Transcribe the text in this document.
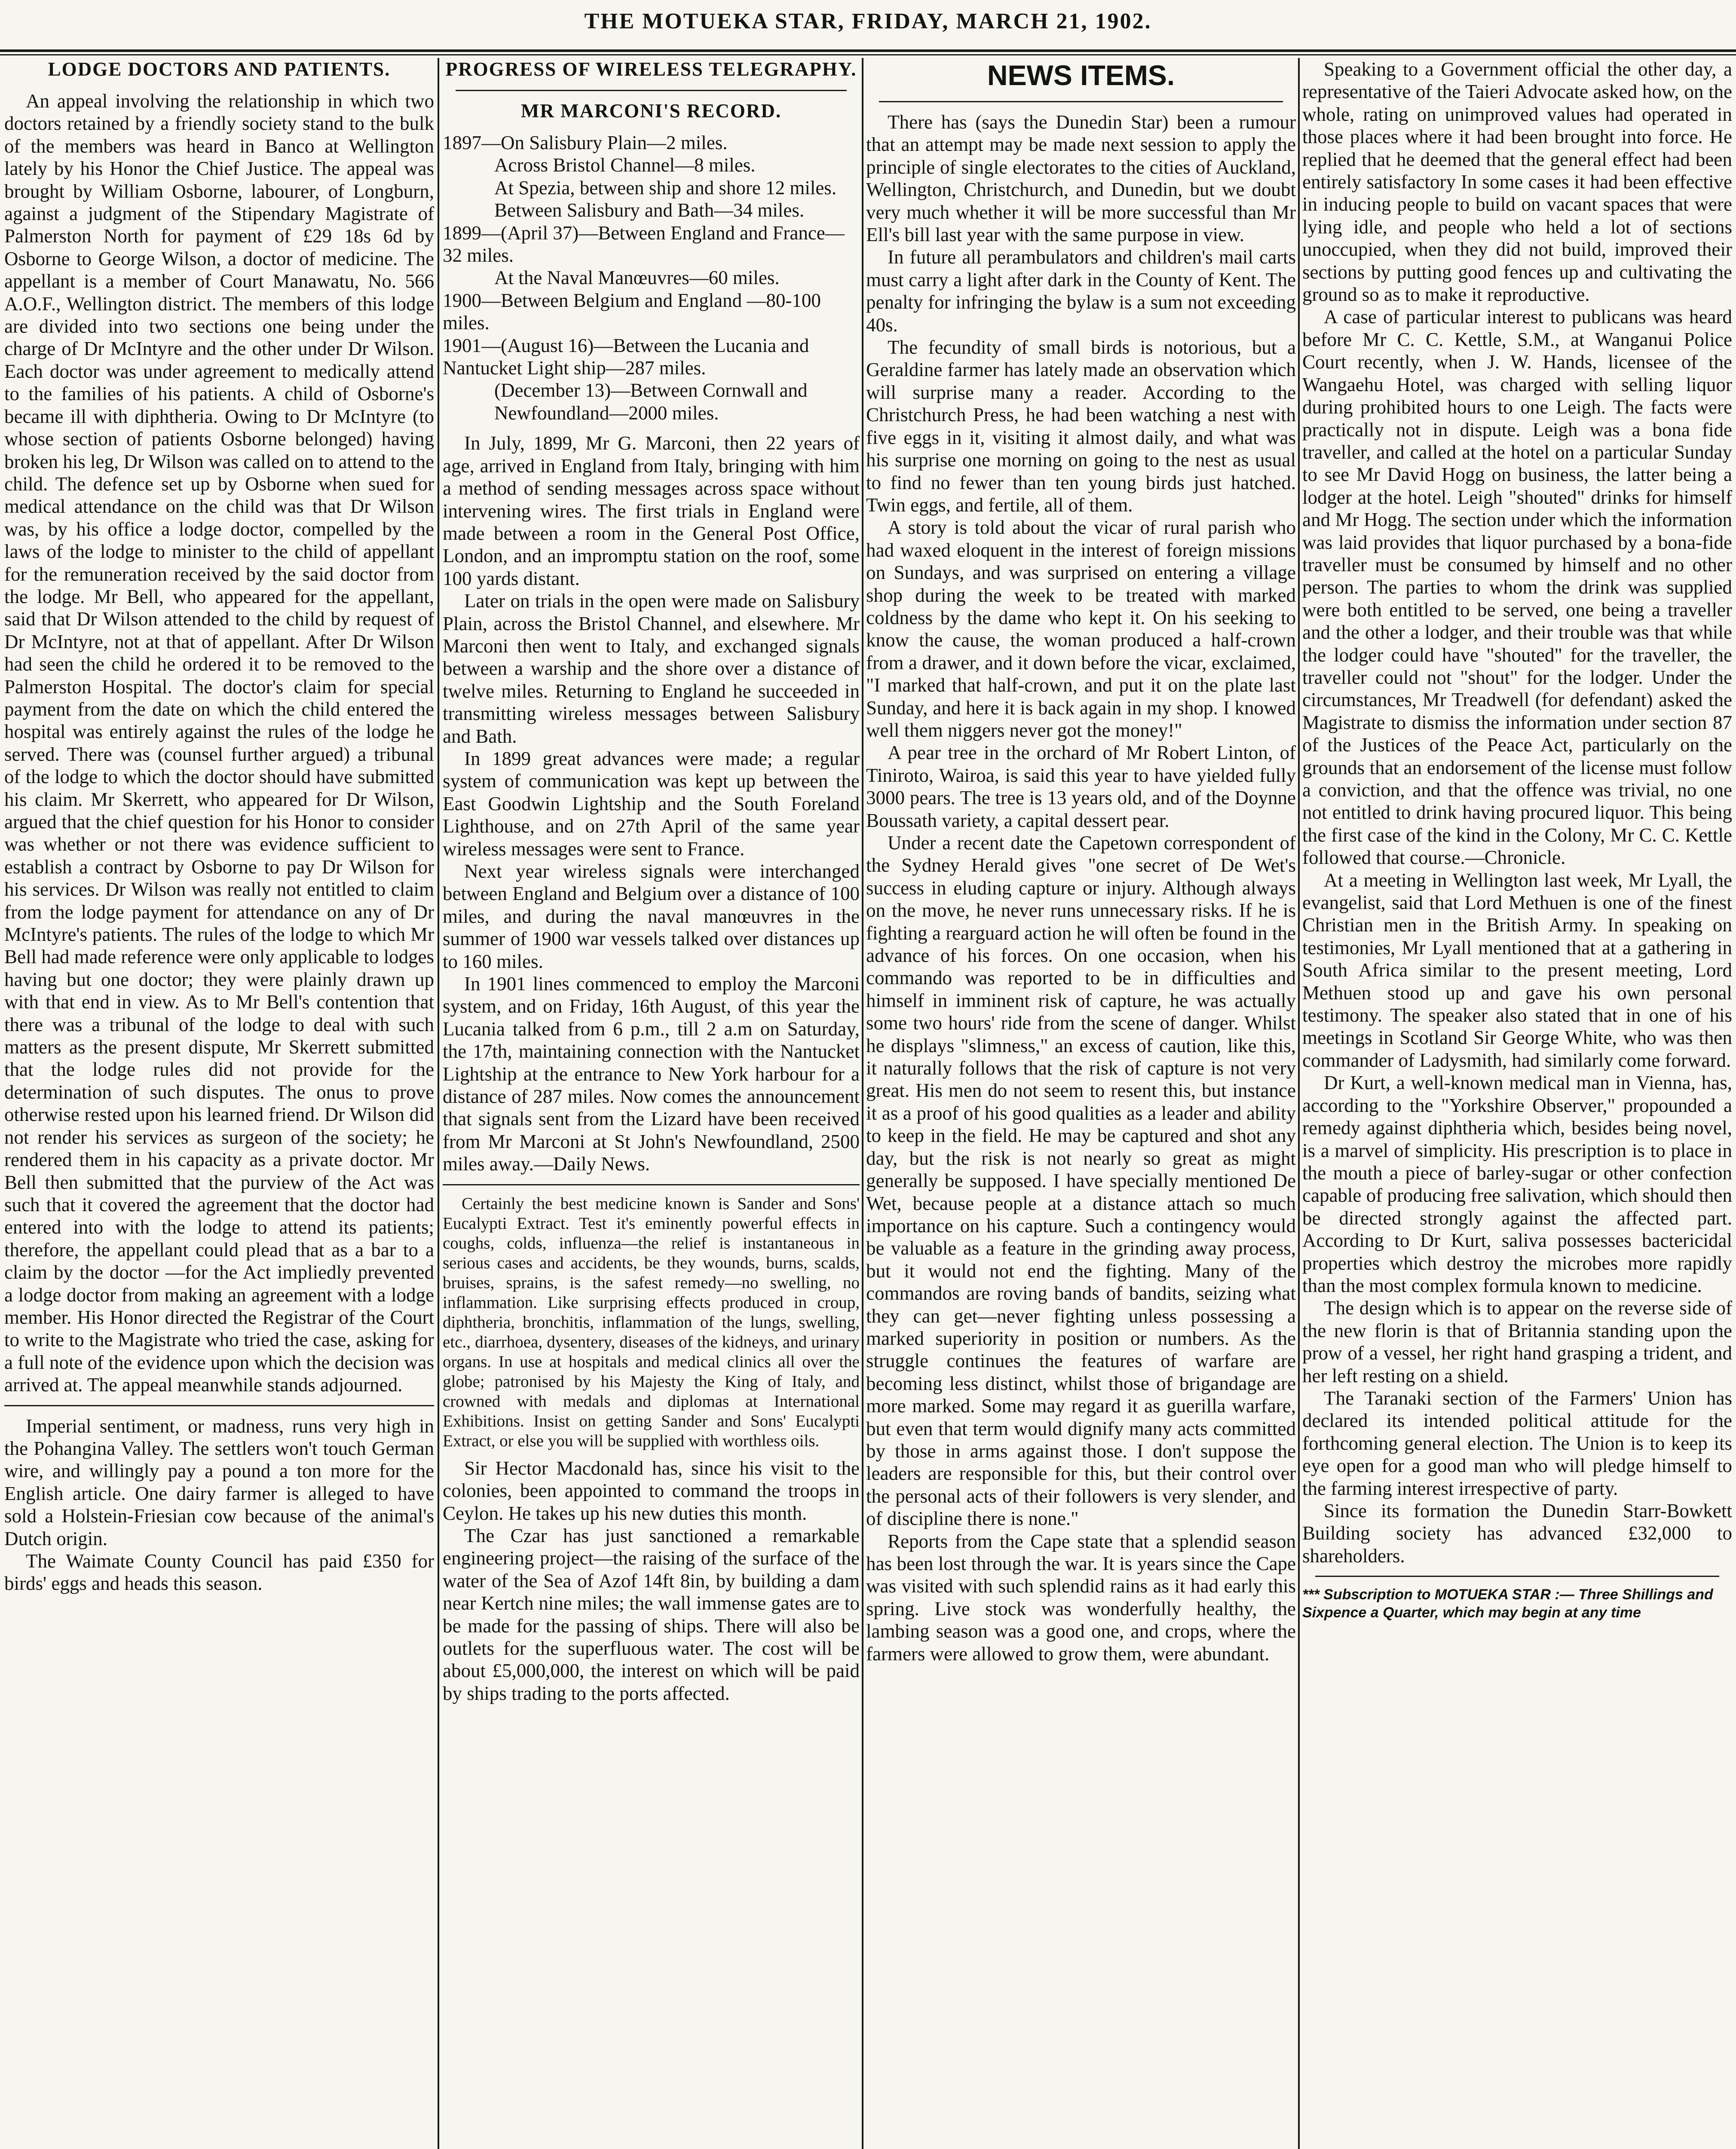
THE MOTUEKA STAR, FRIDAY, MARCH 21, 1902.
LODGE DOCTORS AND PATIENTS.

An appeal involving the relationship in which two doctors retained by a friendly society stand to the bulk of the members was heard in Banco at Wellington lately by his Honor the Chief Justice. The appeal was brought by William Osborne, labourer, of Longburn, against a judgment of the Stipendary Magistrate of Palmerston North for payment of £29 18s 6d by Osborne to George Wilson, a doctor of medicine. The appellant is a member of Court Manawatu, No. 566 A.O.F., Wellington district. The members of this lodge are divided into two sections one being under the charge of Dr McIntyre and the other under Dr Wilson. Each doctor was under agreement to medically attend to the families of his patients. A child of Osborne's became ill with diphtheria. Owing to Dr McIntyre (to whose section of patients Osborne belonged) having broken his leg, Dr Wilson was called on to attend to the child. The defence set up by Osborne when sued for medical attendance on the child was that Dr Wilson was, by his office a lodge doctor, compelled by the laws of the lodge to minister to the child of appellant for the remuneration received by the said doctor from the lodge. Mr Bell, who appeared for the appellant, said that Dr Wilson attended to the child by request of Dr McIntyre, not at that of appellant. After Dr Wilson had seen the child he ordered it to be removed to the Palmerston Hospital. The doctor's claim for special payment from the date on which the child entered the hospital was entirely against the rules of the lodge he served. There was (counsel further argued) a tribunal of the lodge to which the doctor should have submitted his claim. Mr Skerrett, who appeared for Dr Wilson, argued that the chief question for his Honor to consider was whether or not there was evidence sufficient to establish a contract by Osborne to pay Dr Wilson for his services. Dr Wilson was really not entitled to claim from the lodge payment for attendance on any of Dr McIntyre's patients. The rules of the lodge to which Mr Bell had made reference were only applicable to lodges having but one doctor; they were plainly drawn up with that end in view. As to Mr Bell's contention that there was a tribunal of the lodge to deal with such matters as the present dispute, Mr Skerrett submitted that the lodge rules did not provide for the determination of such disputes. The onus to prove otherwise rested upon his learned friend. Dr Wilson did not render his services as surgeon of the society; he rendered them in his capacity as a private doctor. Mr Bell then submitted that the purview of the Act was such that it covered the agreement that the doctor had entered into with the lodge to attend its patients; therefore, the appellant could plead that as a bar to a claim by the doctor —for the Act impliedly prevented a lodge doctor from making an agreement with a lodge member. His Honor directed the Registrar of the Court to write to the Magistrate who tried the case, asking for a full note of the evidence upon which the decision was arrived at. The appeal meanwhile stands adjourned.

Imperial sentiment, or madness, runs very high in the Pohangina Valley. The settlers won't touch German wire, and willingly pay a pound a ton more for the English article. One dairy farmer is alleged to have sold a Holstein-Friesian cow because of the animal's Dutch origin.

The Waimate County Council has paid £350 for birds' eggs and heads this season.

PROGRESS OF WIRELESS TELEGRAPHY.
MR MARCONI'S RECORD.
1897—On Salisbury Plain—2 miles.
Across Bristol Channel—8 miles.
At Spezia, between ship and shore 12 miles.
Between Salisbury and Bath—34 miles.
1899—(April 37)—Between England and France—32 miles.
At the Naval Manœuvres—60 miles.
1900—Between Belgium and England —80-100 miles.
1901—(August 16)—Between the Lucania and Nantucket Light ship—287 miles.
(December 13)—Between Cornwall and Newfoundland—2000 miles.

In July, 1899, Mr G. Marconi, then 22 years of age, arrived in England from Italy, bringing with him a method of sending messages across space without intervening wires. The first trials in England were made between a room in the General Post Office, London, and an impromptu station on the roof, some 100 yards distant.

Later on trials in the open were made on Salisbury Plain, across the Bristol Channel, and elsewhere. Mr Marconi then went to Italy, and exchanged signals between a warship and the shore over a distance of twelve miles. Returning to England he succeeded in transmitting wireless messages between Salisbury and Bath.

In 1899 great advances were made; a regular system of communication was kept up between the East Goodwin Lightship and the South Foreland Lighthouse, and on 27th April of the same year wireless messages were sent to France.

Next year wireless signals were interchanged between England and Belgium over a distance of 100 miles, and during the naval manœuvres in the summer of 1900 war vessels talked over distances up to 160 miles.

In 1901 lines commenced to employ the Marconi system, and on Friday, 16th August, of this year the Lucania talked from 6 p.m., till 2 a.m on Saturday, the 17th, maintaining connection with the Nantucket Lightship at the entrance to New York harbour for a distance of 287 miles. Now comes the announcement that signals sent from the Lizard have been received from Mr Marconi at St John's Newfoundland, 2500 miles away.—Daily News.

Certainly the best medicine known is Sander and Sons' Eucalypti Extract. Test it's eminently powerful effects in coughs, colds, influenza—the relief is instantaneous in serious cases and accidents, be they wounds, burns, scalds, bruises, sprains, is the safest remedy—no swelling, no inflammation. Like surprising effects produced in croup, diphtheria, bronchitis, inflammation of the lungs, swelling, etc., diarrhoea, dysentery, diseases of the kidneys, and urinary organs. In use at hospitals and medical clinics all over the globe; patronised by his Majesty the King of Italy, and crowned with medals and diplomas at International Exhibitions. Insist on getting Sander and Sons' Eucalypti Extract, or else you will be supplied with worthless oils.

Sir Hector Macdonald has, since his visit to the colonies, been appointed to command the troops in Ceylon. He takes up his new duties this month.

The Czar has just sanctioned a remarkable engineering project—the raising of the surface of the water of the Sea of Azof 14ft 8in, by building a dam near Kertch nine miles; the wall immense gates are to be made for the passing of ships. There will also be outlets for the superfluous water. The cost will be about £5,000,000, the interest on which will be paid by ships trading to the ports affected.

NEWS ITEMS.

There has (says the Dunedin Star) been a rumour that an attempt may be made next session to apply the principle of single electorates to the cities of Auckland, Wellington, Christchurch, and Dunedin, but we doubt very much whether it will be more successful than Mr Ell's bill last year with the same purpose in view.

In future all perambulators and children's mail carts must carry a light after dark in the County of Kent. The penalty for infringing the bylaw is a sum not exceeding 40s.

The fecundity of small birds is notorious, but a Geraldine farmer has lately made an observation which will surprise many a reader. According to the Christchurch Press, he had been watching a nest with five eggs in it, visiting it almost daily, and what was his surprise one morning on going to the nest as usual to find no fewer than ten young birds just hatched. Twin eggs, and fertile, all of them.

A story is told about the vicar of rural parish who had waxed eloquent in the interest of foreign missions on Sundays, and was surprised on entering a village shop during the week to be treated with marked coldness by the dame who kept it. On his seeking to know the cause, the woman produced a half-crown from a drawer, and it down before the vicar, exclaimed, "I marked that half-crown, and put it on the plate last Sunday, and here it is back again in my shop. I knowed well them niggers never got the money!"

A pear tree in the orchard of Mr Robert Linton, of Tiniroto, Wairoa, is said this year to have yielded fully 3000 pears. The tree is 13 years old, and of the Doynne Boussath variety, a capital dessert pear.

Under a recent date the Capetown correspondent of the Sydney Herald gives "one secret of De Wet's success in eluding capture or injury. Although always on the move, he never runs unnecessary risks. If he is fighting a rearguard action he will often be found in the advance of his forces. On one occasion, when his commando was reported to be in difficulties and himself in imminent risk of capture, he was actually some two hours' ride from the scene of danger. Whilst he displays "slimness," an excess of caution, like this, it naturally follows that the risk of capture is not very great. His men do not seem to resent this, but instance it as a proof of his good qualities as a leader and ability to keep in the field. He may be captured and shot any day, but the risk is not nearly so great as might generally be supposed. I have specially mentioned De Wet, because people at a distance attach so much importance on his capture. Such a contingency would be valuable as a feature in the grinding away process, but it would not end the fighting. Many of the commandos are roving bands of bandits, seizing what they can get—never fighting unless possessing a marked superiority in position or numbers. As the struggle continues the features of warfare are becoming less distinct, whilst those of brigandage are more marked. Some may regard it as guerilla warfare, but even that term would dignify many acts committed by those in arms against those. I don't suppose the leaders are responsible for this, but their control over the personal acts of their followers is very slender, and of discipline there is none."

Reports from the Cape state that a splendid season has been lost through the war. It is years since the Cape was visited with such splendid rains as it had early this spring. Live stock was wonderfully healthy, the lambing season was a good one, and crops, where the farmers were allowed to grow them, were abundant.

Speaking to a Government official the other day, a representative of the Taieri Advocate asked how, on the whole, rating on unimproved values had operated in those places where it had been brought into force. He replied that he deemed that the general effect had been entirely satisfactory In some cases it had been effective in inducing people to build on vacant spaces that were lying idle, and people who held a lot of sections unoccupied, when they did not build, improved their sections by putting good fences up and cultivating the ground so as to make it reproductive.

A case of particular interest to publicans was heard before Mr C. C. Kettle, S.M., at Wanganui Police Court recently, when J. W. Hands, licensee of the Wangaehu Hotel, was charged with selling liquor during prohibited hours to one Leigh. The facts were practically not in dispute. Leigh was a bona fide traveller, and called at the hotel on a particular Sunday to see Mr David Hogg on business, the latter being a lodger at the hotel. Leigh "shouted" drinks for himself and Mr Hogg. The section under which the information was laid provides that liquor purchased by a bona-fide traveller must be consumed by himself and no other person. The parties to whom the drink was supplied were both entitled to be served, one being a traveller and the other a lodger, and their trouble was that while the lodger could have "shouted" for the traveller, the traveller could not "shout" for the lodger. Under the circumstances, Mr Treadwell (for defendant) asked the Magistrate to dismiss the information under section 87 of the Justices of the Peace Act, particularly on the grounds that an endorsement of the license must follow a conviction, and that the offence was trivial, no one not entitled to drink having procured liquor. This being the first case of the kind in the Colony, Mr C. C. Kettle followed that course.—Chronicle.

At a meeting in Wellington last week, Mr Lyall, the evangelist, said that Lord Methuen is one of the finest Christian men in the British Army. In speaking on testimonies, Mr Lyall mentioned that at a gathering in South Africa similar to the present meeting, Lord Methuen stood up and gave his own personal testimony. The speaker also stated that in one of his meetings in Scotland Sir George White, who was then commander of Ladysmith, had similarly come forward.

Dr Kurt, a well-known medical man in Vienna, has, according to the "Yorkshire Observer," propounded a remedy against diphtheria which, besides being novel, is a marvel of simplicity. His prescription is to place in the mouth a piece of barley-sugar or other confection capable of producing free salivation, which should then be directed strongly against the affected part. According to Dr Kurt, saliva possesses bactericidal properties which destroy the microbes more rapidly than the most complex formula known to medicine.

The design which is to appear on the reverse side of the new florin is that of Britannia standing upon the prow of a vessel, her right hand grasping a trident, and her left resting on a shield.

The Taranaki section of the Farmers' Union has declared its intended political attitude for the forthcoming general election. The Union is to keep its eye open for a good man who will pledge himself to the farming interest irrespective of party.

Since its formation the Dunedin Starr-Bowkett Building society has advanced £32,000 to shareholders.

*** Subscription to MOTUEKA STAR :— Three Shillings and Sixpence a Quarter, which may begin at any time
